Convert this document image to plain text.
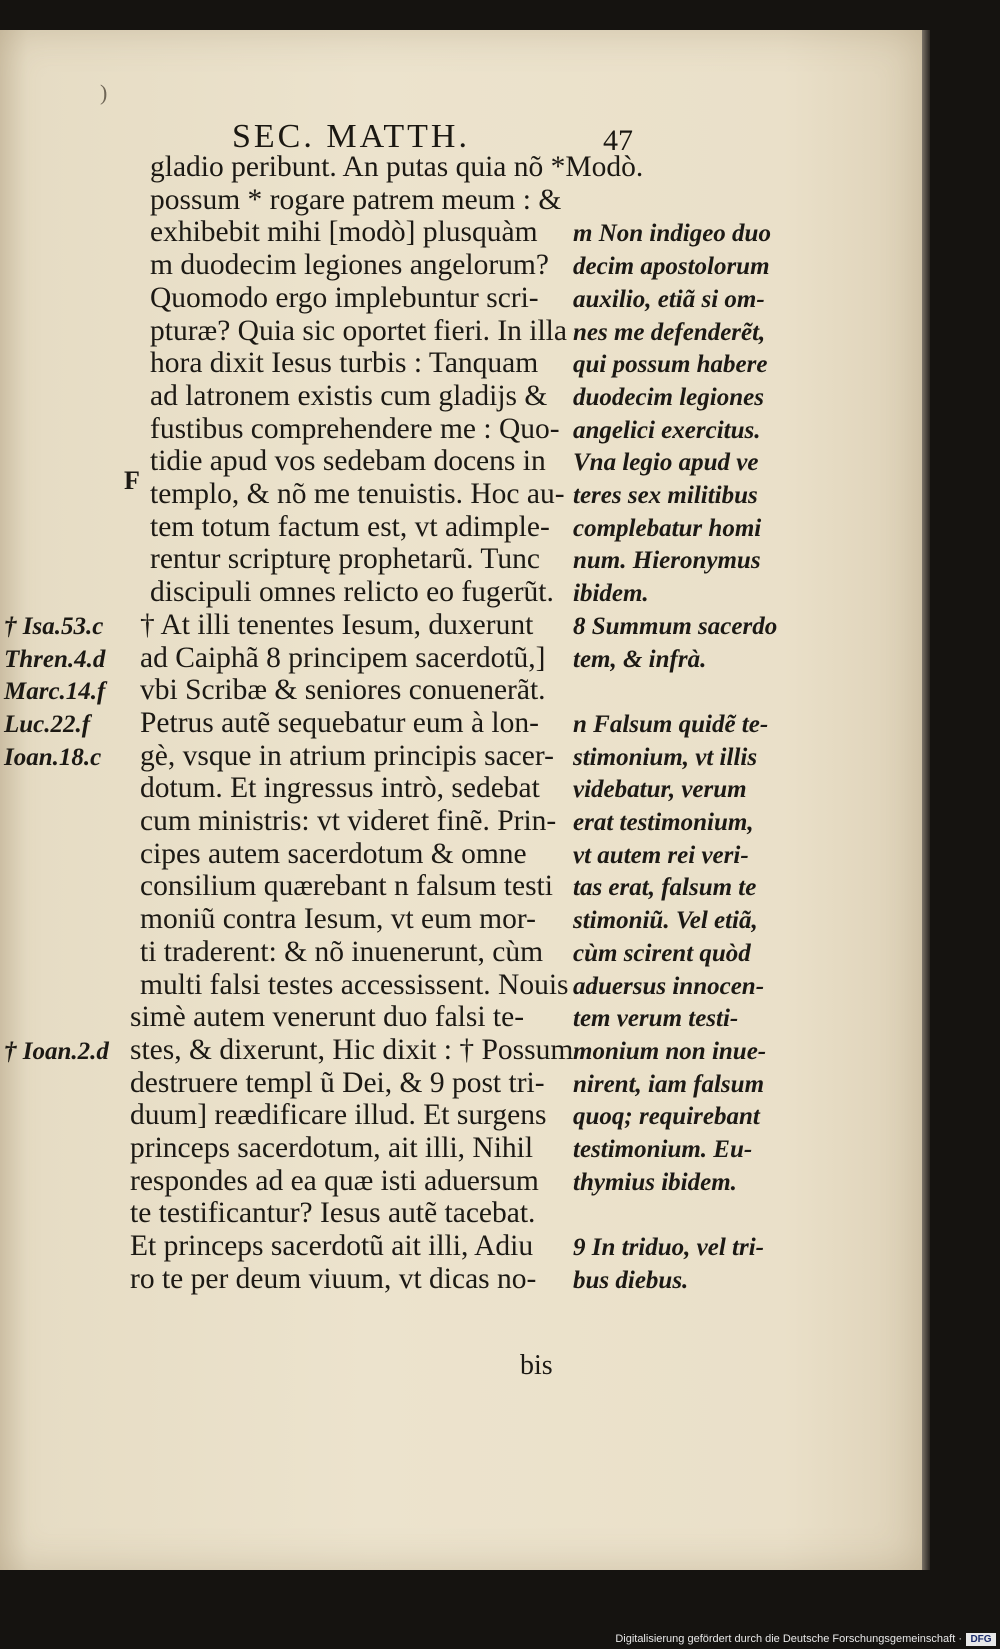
)
SEC. MATTH.	47
F
gladio peribunt. An putas quia nõ *Modò.
possum * rogare patrem meum : &
exhibebit mihi [modò] plusquàm
m duodecim legiones angelorum?
Quomodo ergo implebuntur scri-
pturæ? Quia sic oportet fieri. In illa
hora dixit Iesus turbis : Tanquam
ad latronem existis cum gladijs &
fustibus comprehendere me : Quo-
tidie apud vos sedebam docens in
templo, & nõ me tenuistis. Hoc au-
tem totum factum est, vt adimple-
rentur scripturę prophetarũ. Tunc
discipuli omnes relicto eo fugerũt.
† At illi tenentes Iesum, duxerunt
ad Caiphã 8 principem sacerdotũ,]
vbi Scribæ & seniores conuenerãt.
Petrus autẽ sequebatur eum à lon-
gè, vsque in atrium principis sacer-
dotum. Et ingressus intrò, sedebat
cum ministris: vt videret finẽ. Prin-
cipes autem sacerdotum & omne
consilium quærebant n falsum testi
moniũ contra Iesum, vt eum mor-
ti traderent: & nõ inuenerunt, cùm
multi falsi testes accessissent. Nouis
simè autem venerunt duo falsi te-
stes, & dixerunt, Hic dixit : † Possum
destruere templ ũ Dei, & 9 post tri-
duum] reædificare illud. Et surgens
princeps sacerdotum, ait illi, Nihil
respondes ad ea quæ isti aduersum
te testificantur? Iesus autẽ tacebat.
Et princeps sacerdotũ ait illi, Adiu
ro te per deum viuum, vt dicas no-
m Non indigeo duo
decim apostolorum
auxilio, etiã si om-
nes me defenderẽt,
qui possum habere
duodecim legiones
angelici exercitus.
Vna legio apud ve
teres sex militibus
complebatur homi
num. Hieronymus
ibidem.
8 Summum sacerdo
tem, & infrà.
n Falsum quidẽ te-
stimonium, vt illis
videbatur, verum
erat testimonium,
vt autem rei veri-
tas erat, falsum te
stimoniũ. Vel etiã,
cùm scirent quòd
aduersus innocen-
tem verum testi-
monium non inue-
nirent, iam falsum
quoq; requirebant
testimonium. Eu-
thymius ibidem.
9 In triduo, vel tri-
bus diebus.
† Isa.53.c
Thren.4.d
Marc.14.f
Luc.22.f
Ioan.18.c
† Ioan.2.d
bis
Digitalisierung gefördert durch die Deutsche Forschungsgemeinschaft · DFG
